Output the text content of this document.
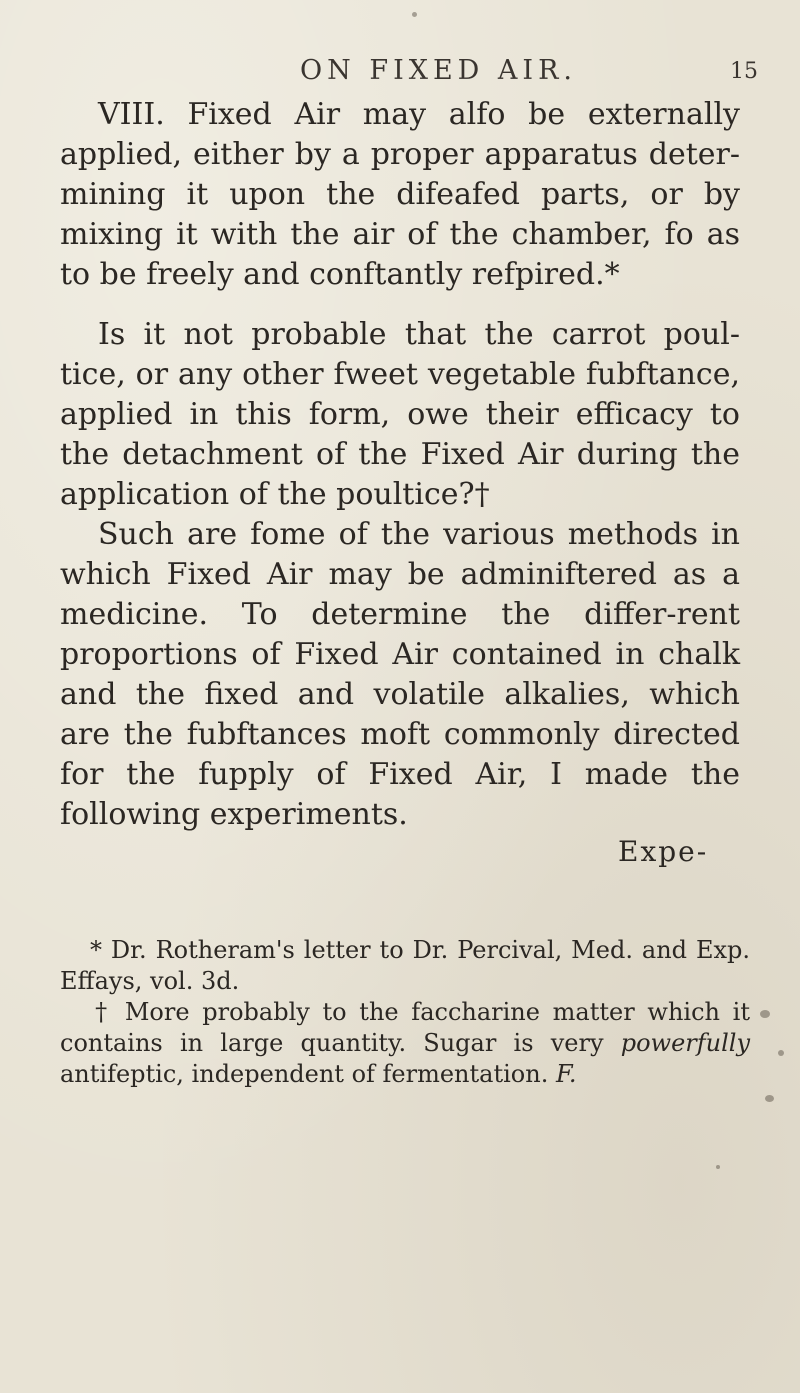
ON FIXED AIR.	15

VIII. Fixed Air may alfo be externally applied, either by a proper apparatus deter-mining it upon the difeafed parts, or by mixing it with the air of the chamber, fo as to be freely and conftantly refpired.*

Is it not probable that the carrot poul-tice, or any other fweet vegetable fubftance, applied in this form, owe their efficacy to the detachment of the Fixed Air during the application of the poultice?†

Such are fome of the various methods in which Fixed Air may be adminiftered as a medicine. To determine the differ-rent proportions of Fixed Air contained in chalk and the fixed and volatile alkalies, which are the fubftances moft commonly directed for the fupply of Fixed Air, I made the following experiments.

Expe-

* Dr. Rotheram's letter to Dr. Percival, Med. and Exp. Effays, vol. 3d.

† More probably to the faccharine matter which it contains in large quantity. Sugar is very powerfully antifeptic, independent of fermentation. F.
